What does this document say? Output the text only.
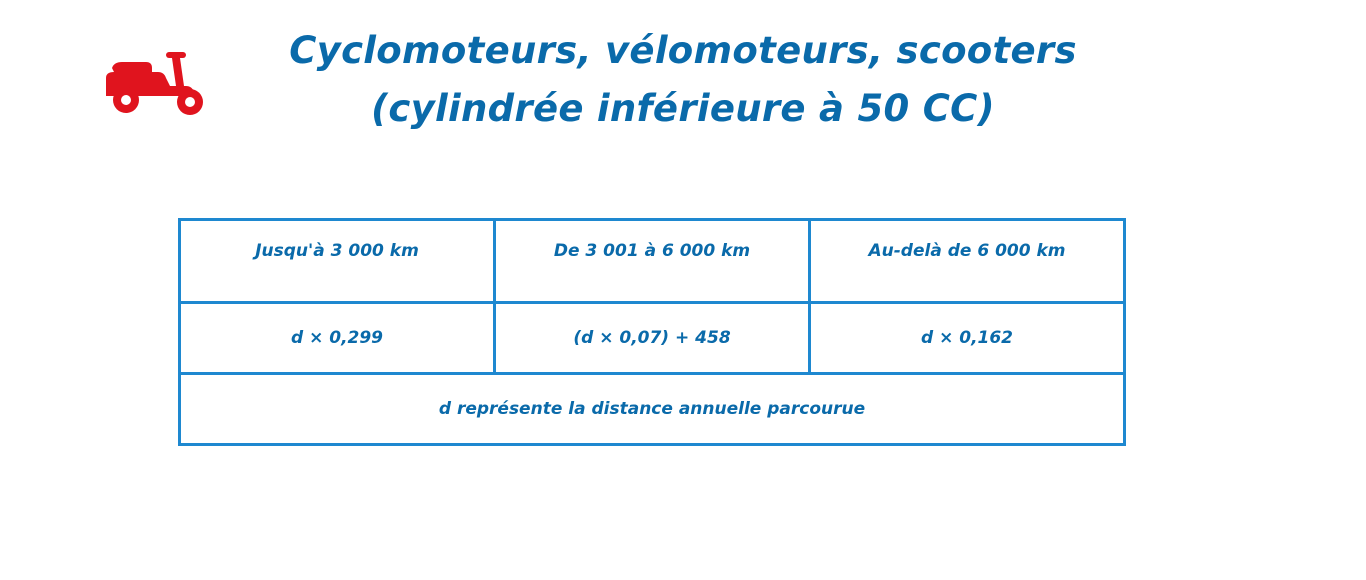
Cyclomoteurs, vélomoteurs, scooters
(cylindrée inférieure à 50 CC)
Jusqu'à 3 000 km	De 3 001 à 6 000 km	Au-delà de 6 000 km
d × 0,299	(d × 0,07) + 458	d × 0,162
d représente la distance annuelle parcourue		
